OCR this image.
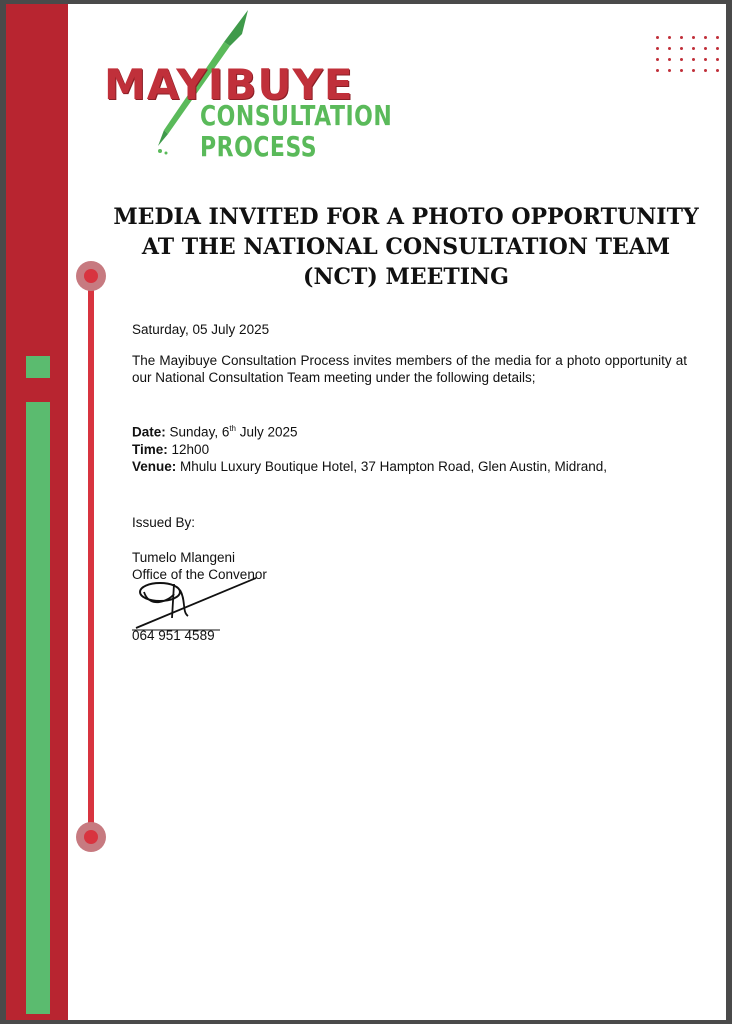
MAYIBUYE
CONSULTATION PROCESS
MEDIA INVITED FOR A PHOTO OPPORTUNITY
AT THE NATIONAL CONSULTATION TEAM
(NCT) MEETING
Saturday, 05 July 2025
The Mayibuye Consultation Process invites members of the media for a photo opportunity at our National Consultation Team meeting under the following details;
Date: Sunday, 6th July 2025
Time: 12h00
Venue: Mhulu Luxury Boutique Hotel, 37 Hampton Road, Glen Austin, Midrand,
Issued By:
Tumelo Mlangeni
Office of the Convenor
064 951 4589
